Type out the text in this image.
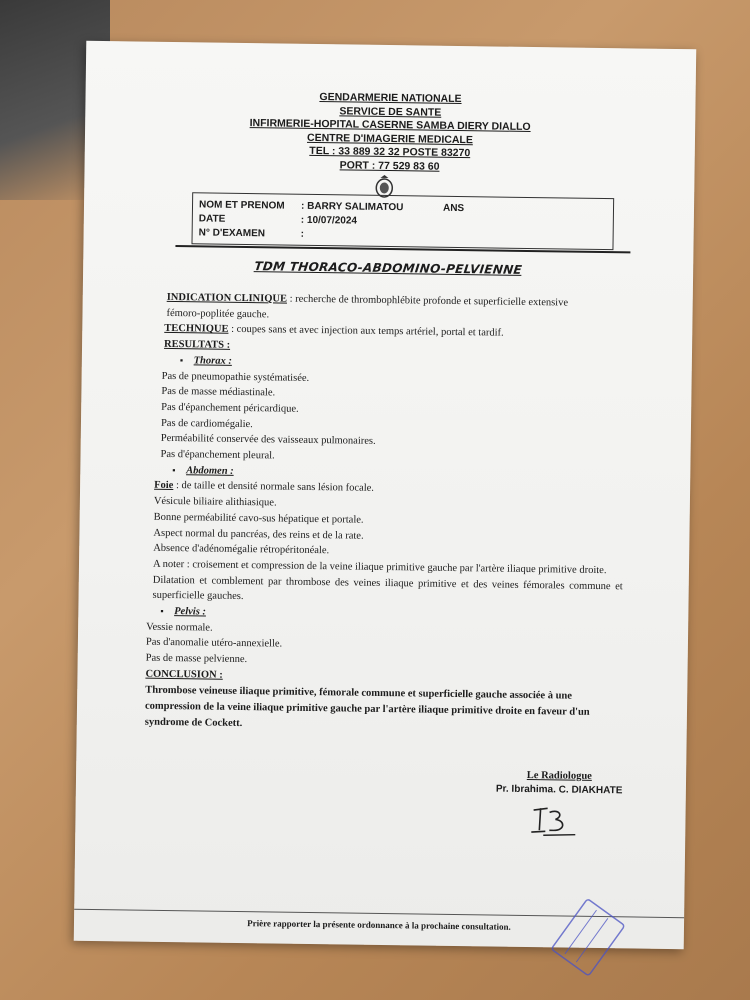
GENDARMERIE NATIONALE
SERVICE DE SANTE
INFIRMERIE-HOPITAL CASERNE SAMBA DIERY DIALLO
CENTRE D'IMAGERIE MEDICALE
TEL : 33 889 32 32 POSTE 83270
PORT : 77 529 83 60
NOM ET PRENOM : BARRY SALIMATOU	ANS
DATE	: 10/07/2024
N° D'EXAMEN	:
TDM THORACO-ABDOMINO-PELVIENNE
INDICATION CLINIQUE : recherche de thrombophlébite profonde et superficielle extensive
fémoro-poplitée gauche.
TECHNIQUE : coupes sans et avec injection aux temps artériel, portal et tardif.
RESULTATS :
▪ Thorax :
Pas de pneumopathie systématisée.
Pas de masse médiastinale.
Pas d'épanchement péricardique.
Pas de cardiomégalie.
Perméabilité conservée des vaisseaux pulmonaires.
Pas d'épanchement pleural.
▪ Abdomen :
Foie : de taille et densité normale sans lésion focale.
Vésicule biliaire alithiasique.
Bonne perméabilité cavo-sus hépatique et portale.
Aspect normal du pancréas, des reins et de la rate.
Absence d'adénomégalie rétropéritonéale.
A noter : croisement et compression de la veine iliaque primitive gauche par l'artère iliaque primitive droite.
Dilatation et comblement par thrombose des veines iliaque primitive et des veines fémorales commune et superficielle gauches.
▪ Pelvis :
Vessie normale.
Pas d'anomalie utéro-annexielle.
Pas de masse pelvienne.
CONCLUSION :
Thrombose veineuse iliaque primitive, fémorale commune et superficielle gauche associée à une compression de la veine iliaque primitive gauche par l'artère iliaque primitive droite en faveur d'un syndrome de Cockett.
Le Radiologue
Pr. Ibrahima. C. DIAKHATE
Prière rapporter la présente ordonnance à la prochaine consultation.
